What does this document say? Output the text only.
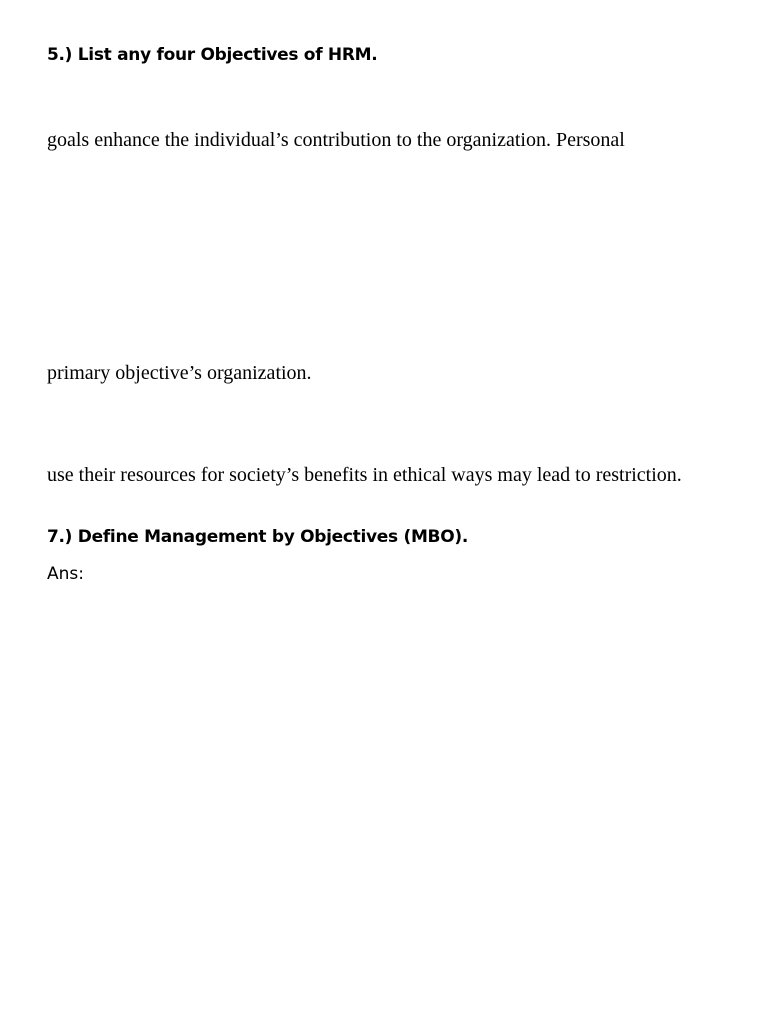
5.) List any four Objectives of HRM.

goals enhance the individual’s contribution to the organization. Personal

primary objective’s organization.

use their resources for society’s benefits in ethical ways may lead to restriction.

7.) Define Management by Objectives (MBO).

Ans:
